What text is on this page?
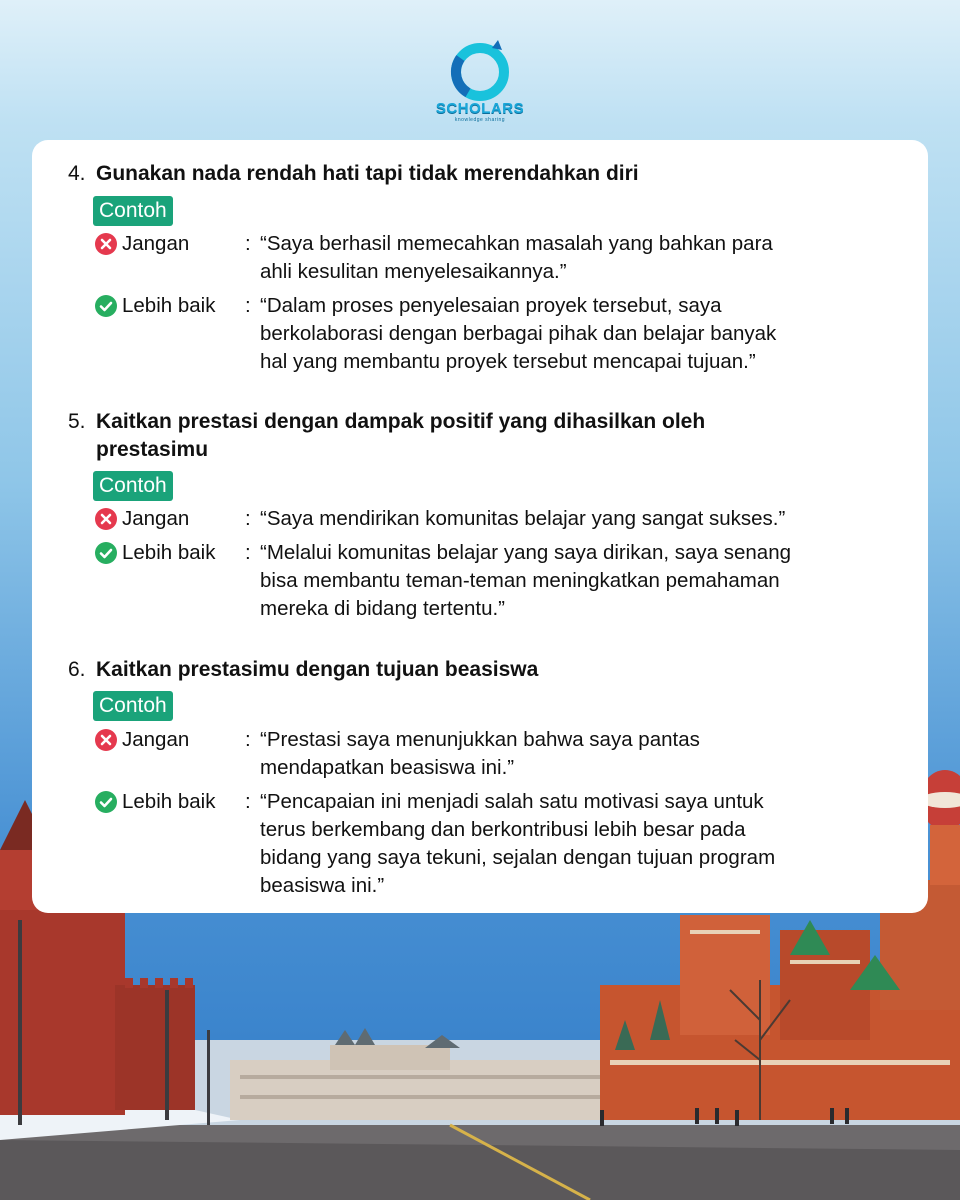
SCHOLARS
knowledge sharing
4. Gunakan nada rendah hati tapi tidak merendahkan diri
Contoh
Jangan	: “Saya berhasil memecahkan masalah yang bahkan para
ahli kesulitan menyelesaikannya.”
Lebih baik : “Dalam proses penyelesaian proyek tersebut, saya
berkolaborasi dengan berbagai pihak dan belajar banyak
hal yang membantu proyek tersebut mencapai tujuan.”
5. Kaitkan prestasi dengan dampak positif yang dihasilkan oleh
prestasimu
Contoh
Jangan	: “Saya mendirikan komunitas belajar yang sangat sukses.”
Lebih baik : “Melalui komunitas belajar yang saya dirikan, saya senang
bisa membantu teman-teman meningkatkan pemahaman
mereka di bidang tertentu.”
6. Kaitkan prestasimu dengan tujuan beasiswa
Contoh
Jangan	: “Prestasi saya menunjukkan bahwa saya pantas
mendapatkan beasiswa ini.”
Lebih baik : “Pencapaian ini menjadi salah satu motivasi saya untuk
terus berkembang dan berkontribusi lebih besar pada
bidang yang saya tekuni, sejalan dengan tujuan program
beasiswa ini.”
